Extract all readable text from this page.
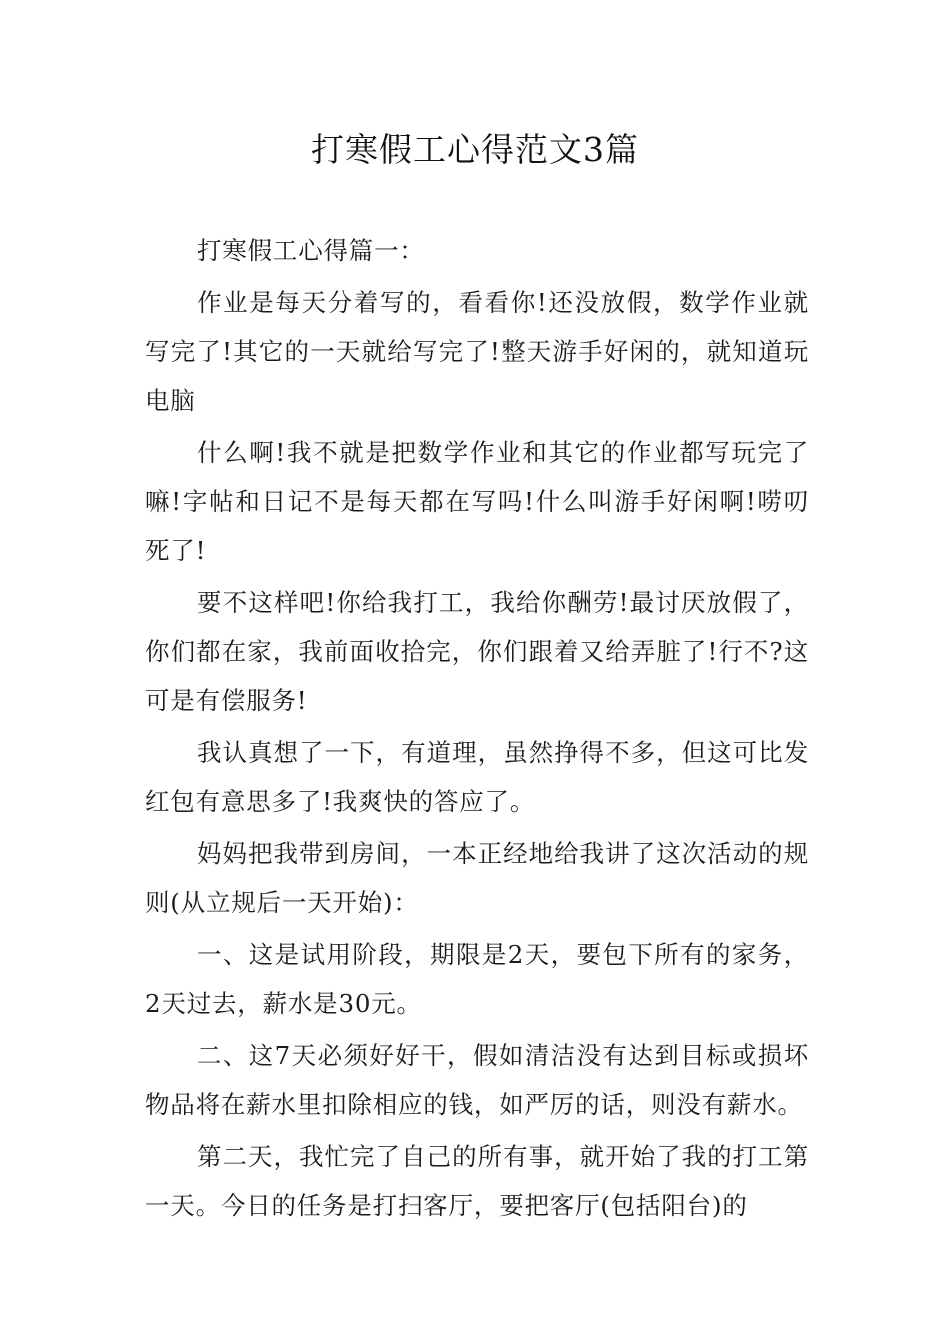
打寒假工心得范文3篇

打寒假工心得篇一：

作业是每天分着写的，看看你!还没放假，数学作业就写完了!其它的一天就给写完了!整天游手好闲的，就知道玩电脑

什么啊!我不就是把数学作业和其它的作业都写玩完了嘛!字帖和日记不是每天都在写吗!什么叫游手好闲啊!唠叨死了!

要不这样吧!你给我打工，我给你酬劳!最讨厌放假了，你们都在家，我前面收拾完，你们跟着又给弄脏了!行不?这可是有偿服务!

我认真想了一下，有道理，虽然挣得不多，但这可比发红包有意思多了!我爽快的答应了。

妈妈把我带到房间，一本正经地给我讲了这次活动的规则(从立规后一天开始)：

一、这是试用阶段，期限是2天，要包下所有的家务，2天过去，薪水是30元。

二、这7天必须好好干，假如清洁没有达到目标或损坏物品将在薪水里扣除相应的钱，如严厉的话，则没有薪水。

第二天，我忙完了自己的所有事，就开始了我的打工第一天。今日的任务是打扫客厅，要把客厅(包括阳台)的
